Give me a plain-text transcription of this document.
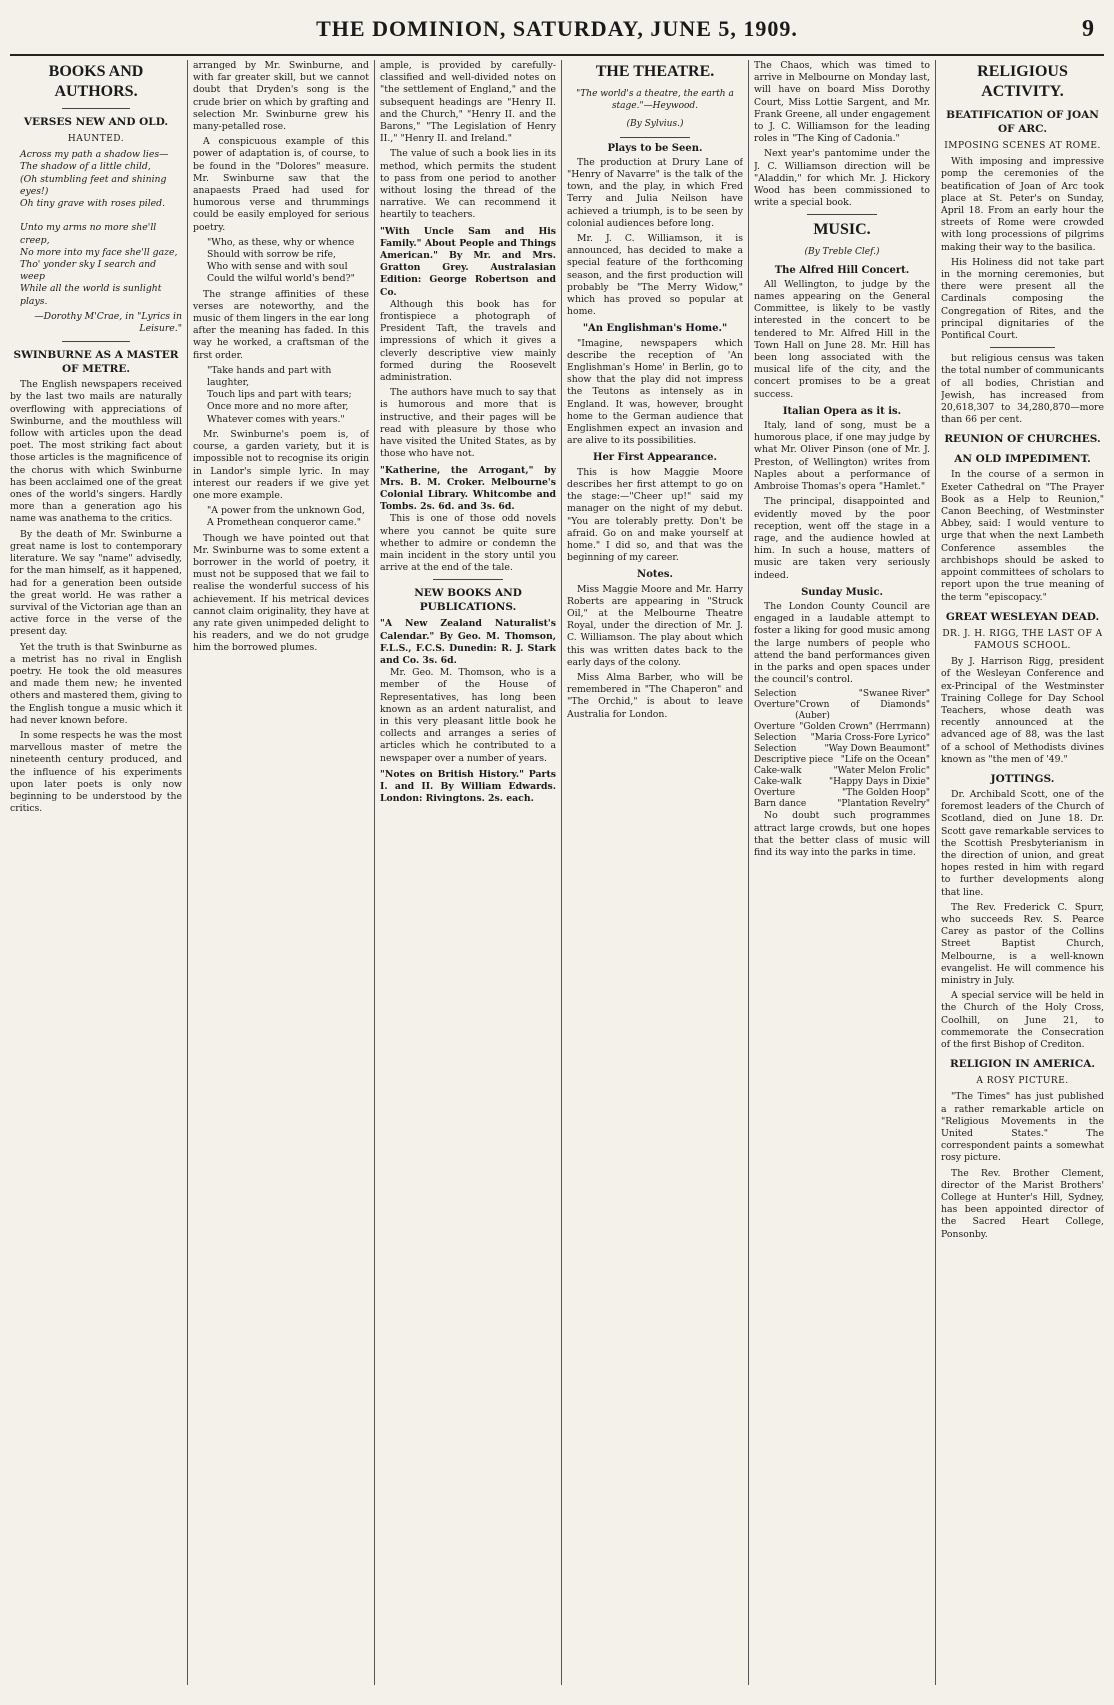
THE DOMINION, SATURDAY, JUNE 5, 1909.	9
BOOKS AND AUTHORS.
VERSES NEW AND OLD.
HAUNTED.
Across my path a shadow lies—
The shadow of a little child,
(Oh stumbling feet and shining eyes!)
Oh tiny grave with roses piled.

Unto my arms no more she'll creep,
No more into my face she'll gaze,
Tho' yonder sky I search and weep
While all the world is sunlight plays.
—Dorothy M'Crae, in "Lyrics in Leisure."
SWINBURNE AS A MASTER OF METRE.

The English newspapers received by the last two mails are naturally overflowing with appreciations of Swinburne, and the mouthless will follow with articles upon the dead poet. The most striking fact about those articles is the magnificence of the chorus with which Swinburne has been acclaimed one of the great ones of the world's singers. Hardly more than a generation ago his name was anathema to the critics.

By the death of Mr. Swinburne a great name is lost to contemporary literature. We say "name" advisedly, for the man himself, as it happened, had for a generation been outside the great world. He was rather a survival of the Victorian age than an active force in the verse of the present day.

Yet the truth is that Swinburne as a metrist has no rival in English poetry. He took the old measures and made them new; he invented others and mastered them, giving to the English tongue a music which it had never known before.

In some respects he was the most marvellous master of metre the nineteenth century produced, and the influence of his experiments upon later poets is only now beginning to be understood by the critics.

arranged by Mr. Swinburne, and with far greater skill, but we cannot doubt that Dryden's song is the crude brier on which by grafting and selection Mr. Swinburne grew his many-petalled rose.

A conspicuous example of this power of adaptation is, of course, to be found in the "Dolores" measure. Mr. Swinburne saw that the anapaests Praed had used for humorous verse and thrummings could be easily employed for serious poetry.

"Who, as these, why or whence
Should with sorrow be rife,
Who with sense and with soul
Could the wilful world's bend?"

The strange affinities of these verses are noteworthy, and the music of them lingers in the ear long after the meaning has faded. In this way he worked, a craftsman of the first order.

"Take hands and part with laughter,
Touch lips and part with tears;
Once more and no more after,
Whatever comes with years."

Mr. Swinburne's poem is, of course, a garden variety, but it is impossible not to recognise its origin in Landor's simple lyric. In may interest our readers if we give yet one more example.

"A power from the unknown God,
A Promethean conqueror came."

Though we have pointed out that Mr. Swinburne was to some extent a borrower in the world of poetry, it must not be supposed that we fail to realise the wonderful success of his achievement. If his metrical devices cannot claim originality, they have at any rate given unimpeded delight to his readers, and we do not grudge him the borrowed plumes.

ample, is provided by carefully-classified and well-divided notes on "the settlement of England," and the subsequent headings are "Henry II. and the Church," "Henry II. and the Barons," "The Legislation of Henry II.," "Henry II. and Ireland."

The value of such a book lies in its method, which permits the student to pass from one period to another without losing the thread of the narrative. We can recommend it heartily to teachers.

"With Uncle Sam and His Family." About People and Things American." By Mr. and Mrs. Gratton Grey. Australasian Edition: George Robertson and Co.

Although this book has for frontispiece a photograph of President Taft, the travels and impressions of which it gives a cleverly descriptive view mainly formed during the Roosevelt administration.

The authors have much to say that is humorous and more that is instructive, and their pages will be read with pleasure by those who have visited the United States, as by those who have not.

"Katherine, the Arrogant," by Mrs. B. M. Croker. Melbourne's Colonial Library. Whitcombe and Tombs. 2s. 6d. and 3s. 6d.

This is one of those odd novels where you cannot be quite sure whether to admire or condemn the main incident in the story until you arrive at the end of the tale.

NEW BOOKS AND PUBLICATIONS.
"A New Zealand Naturalist's Calendar." By Geo. M. Thomson, F.L.S., F.C.S. Dunedin: R. J. Stark and Co. 3s. 6d.

Mr. Geo. M. Thomson, who is a member of the House of Representatives, has long been known as an ardent naturalist, and in this very pleasant little book he collects and arranges a series of articles which he contributed to a newspaper over a number of years.

"Notes on British History." Parts I. and II. By William Edwards. London: Rivingtons. 2s. each.
THE THEATRE.
"The world's a theatre, the earth a stage."—Heywood.
(By Sylvius.)
Plays to be Seen.

The production at Drury Lane of "Henry of Navarre" is the talk of the town, and the play, in which Fred Terry and Julia Neilson have achieved a triumph, is to be seen by colonial audiences before long.

Mr. J. C. Williamson, it is announced, has decided to make a special feature of the forthcoming season, and the first production will probably be "The Merry Widow," which has proved so popular at home.

"An Englishman's Home."

"Imagine, newspapers which describe the reception of 'An Englishman's Home' in Berlin, go to show that the play did not impress the Teutons as intensely as in England. It was, however, brought home to the German audience that Englishmen expect an invasion and are alive to its possibilities.

Her First Appearance.

This is how Maggie Moore describes her first attempt to go on the stage:—"Cheer up!" said my manager on the night of my debut. "You are tolerably pretty. Don't be afraid. Go on and make yourself at home." I did so, and that was the beginning of my career.

Notes.

Miss Maggie Moore and Mr. Harry Roberts are appearing in "Struck Oil," at the Melbourne Theatre Royal, under the direction of Mr. J. C. Williamson. The play about which this was written dates back to the early days of the colony.

Miss Alma Barber, who will be remembered in "The Chaperon" and "The Orchid," is about to leave Australia for London.

The Chaos, which was timed to arrive in Melbourne on Monday last, will have on board Miss Dorothy Court, Miss Lottie Sargent, and Mr. Frank Greene, all under engagement to J. C. Williamson for the leading roles in "The King of Cadonia."

Next year's pantomime under the J. C. Williamson direction will be "Aladdin," for which Mr. J. Hickory Wood has been commissioned to write a special book.

MUSIC.
(By Treble Clef.)
The Alfred Hill Concert.

All Wellington, to judge by the names appearing on the General Committee, is likely to be vastly interested in the concert to be tendered to Mr. Alfred Hill in the Town Hall on June 28. Mr. Hill has been long associated with the musical life of the city, and the concert promises to be a great success.

Italian Opera as it is.

Italy, land of song, must be a humorous place, if one may judge by what Mr. Oliver Pinson (one of Mr. J. Preston, of Wellington) writes from Naples about a performance of Ambroise Thomas's opera "Hamlet."

The principal, disappointed and evidently moved by the poor reception, went off the stage in a rage, and the audience howled at him. In such a house, matters of music are taken very seriously indeed.

Sunday Music.

The London County Council are engaged in a laudable attempt to foster a liking for good music among the large numbers of people who attend the band performances given in the parks and open spaces under the council's control.

Selection	"Swanee River"
Overture "Crown of Diamonds" (Auber)
Overture "Golden Crown" (Herrmann)
Selection "Maria Cross-Fore Lyrico"
Selection	"Way Down Beaumont"
Descriptive piece "Life on the Ocean"
Cake-walk	"Water Melon Frolic"
Cake-walk	"Happy Days in Dixie"
Overture	"The Golden Hoop"
Barn dance	"Plantation Revelry"

No doubt such programmes attract large crowds, but one hopes that the better class of music will find its way into the parks in time.

RELIGIOUS ACTIVITY.
BEATIFICATION OF JOAN OF ARC.
IMPOSING SCENES AT ROME.

With imposing and impressive pomp the ceremonies of the beatification of Joan of Arc took place at St. Peter's on Sunday, April 18. From an early hour the streets of Rome were crowded with long processions of pilgrims making their way to the basilica.

His Holiness did not take part in the morning ceremonies, but there were present all the Cardinals composing the Congregation of Rites, and the principal dignitaries of the Pontifical Court.

but religious census was taken the total number of communicants of all bodies, Christian and Jewish, has increased from 20,618,307 to 34,280,870—more than 66 per cent.

REUNION OF CHURCHES.
AN OLD IMPEDIMENT.

In the course of a sermon in Exeter Cathedral on "The Prayer Book as a Help to Reunion," Canon Beeching, of Westminster Abbey, said: I would venture to urge that when the next Lambeth Conference assembles the archbishops should be asked to appoint committees of scholars to report upon the true meaning of the term "episcopacy."

GREAT WESLEYAN DEAD.
DR. J. H. RIGG, THE LAST OF A FAMOUS SCHOOL.

By J. Harrison Rigg, president of the Wesleyan Conference and ex-Principal of the Westminster Training College for Day School Teachers, whose death was recently announced at the advanced age of 88, was the last of a school of Methodists divines known as "the men of '49."

JOTTINGS.

Dr. Archibald Scott, one of the foremost leaders of the Church of Scotland, died on June 18. Dr. Scott gave remarkable services to the Scottish Presbyterianism in the direction of union, and great hopes rested in him with regard to further developments along that line.

The Rev. Frederick C. Spurr, who succeeds Rev. S. Pearce Carey as pastor of the Collins Street Baptist Church, Melbourne, is a well-known evangelist. He will commence his ministry in July.

A special service will be held in the Church of the Holy Cross, Coolhill, on June 21, to commemorate the Consecration of the first Bishop of Crediton.

RELIGION IN AMERICA.
A ROSY PICTURE.

"The Times" has just published a rather remarkable article on "Religious Movements in the United States." The correspondent paints a somewhat rosy picture.

The Rev. Brother Clement, director of the Marist Brothers' College at Hunter's Hill, Sydney, has been appointed director of the Sacred Heart College, Ponsonby.
